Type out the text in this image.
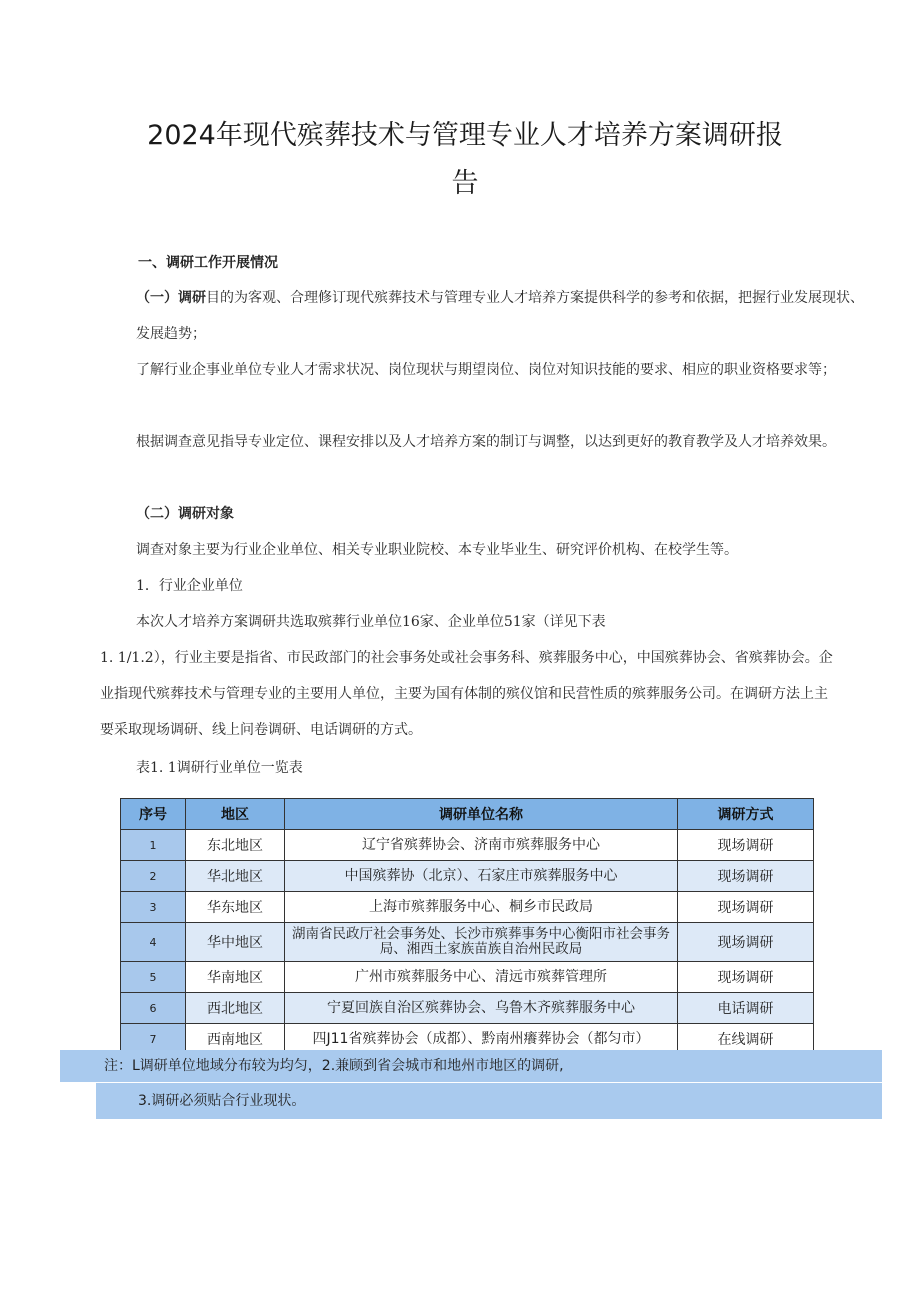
2024年现代殡葬技术与管理专业人才培养方案调研报
告
一、调研工作开展情况
（一）调研目的为客观、合理修订现代殡葬技术与管理专业人才培养方案提供科学的参考和依据，把握行业发展现状、发展趋势；
了解行业企事业单位专业人才需求状况、岗位现状与期望岗位、岗位对知识技能的要求、相应的职业资格要求等；
根据调查意见指导专业定位、课程安排以及人才培养方案的制订与调整，以达到更好的教育教学及人才培养效果。
（二）调研对象
调查对象主要为行业企业单位、相关专业职业院校、本专业毕业生、研究评价机构、在校学生等。
1．行业企业单位
本次人才培养方案调研共选取殡葬行业单位16家、企业单位51家（详见下表
1. 1/1.2），行业主要是指省、市民政部门的社会事务处或社会事务科、殡葬服务中心，中国殡葬协会、省殡葬协会。企业指现代殡葬技术与管理专业的主要用人单位，主要为国有体制的殡仪馆和民营性质的殡葬服务公司。在调研方法上主要采取现场调研、线上问卷调研、电话调研的方式。
表1. 1调研行业单位一览表
序号	地区	调研单位名称	调研方式
1	东北地区	辽宁省殡葬协会、济南市殡葬服务中心	现场调研
2	华北地区	中国殡葬协（北京）、石家庄市殡葬服务中心	现场调研
3	华东地区	上海市殡葬服务中心、桐乡市民政局	现场调研
4	华中地区	湖南省民政厅社会事务处、长沙市殡葬事务中心衡阳市社会事务局、湘西土家族苗族自治州民政局	现场调研
5	华南地区	广州市殡葬服务中心、清远市殡葬管理所	现场调研
6	西北地区	宁夏回族自治区殡葬协会、乌鲁木齐殡葬服务中心	电话调研
7	西南地区	四J11省殡葬协会（成都）、黔南州癢葬协会（都匀市）	在线调研
注：L调研单位地域分布较为均匀，2.兼顾到省会城市和地州市地区的调研,
3.调研必须贴合行业现状。
